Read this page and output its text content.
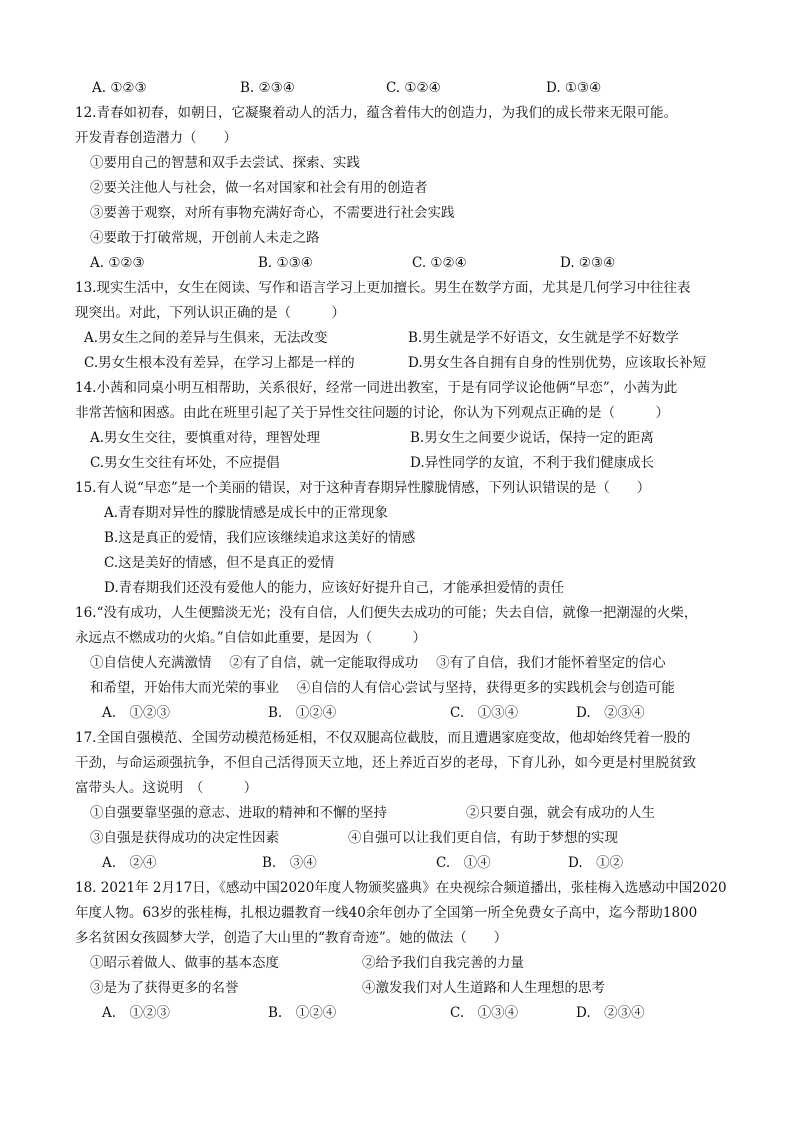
A. ①②③	B. ②③④	C. ①②④	D. ①③④
12.青春如初春，如朝日，它凝聚着动人的活力，蕴含着伟大的创造力，为我们的成长带来无限可能。
开发青春创造潜力（　　）
①要用自己的智慧和双手去尝试、探索、实践
②要关注他人与社会，做一名对国家和社会有用的创造者
③要善于观察，对所有事物充满好奇心，不需要进行社会实践
④要敢于打破常规，开创前人未走之路
A. ①②③	B. ①③④	C. ①②④	D. ②③④
13.现实生活中，女生在阅读、写作和语言学习上更加擅长。男生在数学方面，尤其是几何学习中往往表
现突出。对此，下列认识正确的是（　　　）
A.男女生之间的差异与生俱来，无法改变	B.男生就是学不好语文，女生就是学不好数学
C.男女生根本没有差异，在学习上都是一样的	D.男女生各自拥有自身的性别优势，应该取长补短
14.小茜和同桌小明互相帮助，关系很好，经常一同进出教室，于是有同学议论他俩“早恋”，小茜为此
非常苦恼和困惑。由此在班里引起了关于异性交往问题的讨论，你认为下列观点正确的是（　　　）
A.男女生交往，要慎重对待，理智处理	B.男女生之间要少说话，保持一定的距离
C.男女生交往有坏处，不应提倡	D.异性同学的友谊，不利于我们健康成长
15.有人说“早恋”是一个美丽的错误，对于这种青春期异性朦胧情感，下列认识错误的是（　　）
A.青春期对异性的朦胧情感是成长中的正常现象
B.这是真正的爱情，我们应该继续追求这美好的情感
C.这是美好的情感，但不是真正的爱情
D.青春期我们还没有爱他人的能力，应该好好提升自己，才能承担爱情的责任
16.“没有成功，人生便黯淡无光；没有自信，人们便失去成功的可能；失去自信，就像一把潮湿的火柴，
永远点不燃成功的火焰。”自信如此重要，是因为（　　　）
①自信使人充满激情　 ②有了自信，就一定能取得成功　 ③有了自信，我们才能怀着坚定的信心
和希望，开始伟大而光荣的事业　 ④自信的人有信心尝试与坚持，获得更多的实践机会与创造可能
A.　①②③	B.　①②④	C.　①③④	D.　②③④
17.全国自强模范、全国劳动模范杨延相，不仅双腿高位截肢，而且遭遇家庭变故，他却始终凭着一股的
干劲，与命运顽强抗争，不但自己活得顶天立地，还上养近百岁的老母，下育儿孙，如今更是村里脱贫致
富带头人。这说明　（　　　）
①自强要靠坚强的意志、进取的精神和不懈的坚持	②只要自强，就会有成功的人生
③自强是获得成功的决定性因素	④自强可以让我们更自信，有助于梦想的实现
A.　②④	B.　③④	C.　①④	D.　①②
18. 2021年 2月17日，《感动中国2020年度人物颁奖盛典》在央视综合频道播出，张桂梅入选感动中国2020
年度人物。63岁的张桂梅，扎根边疆教育一线40余年创办了全国第一所全免费女子高中，迄今帮助1800
多名贫困女孩圆梦大学，创造了大山里的“教育奇迹”。她的做法（　　）
①昭示着做人、做事的基本态度	②给予我们自我完善的力量
③是为了获得更多的名誉	④激发我们对人生道路和人生理想的思考
A.　①②③	B.　①②④	C.　①③④	D.　②③④
